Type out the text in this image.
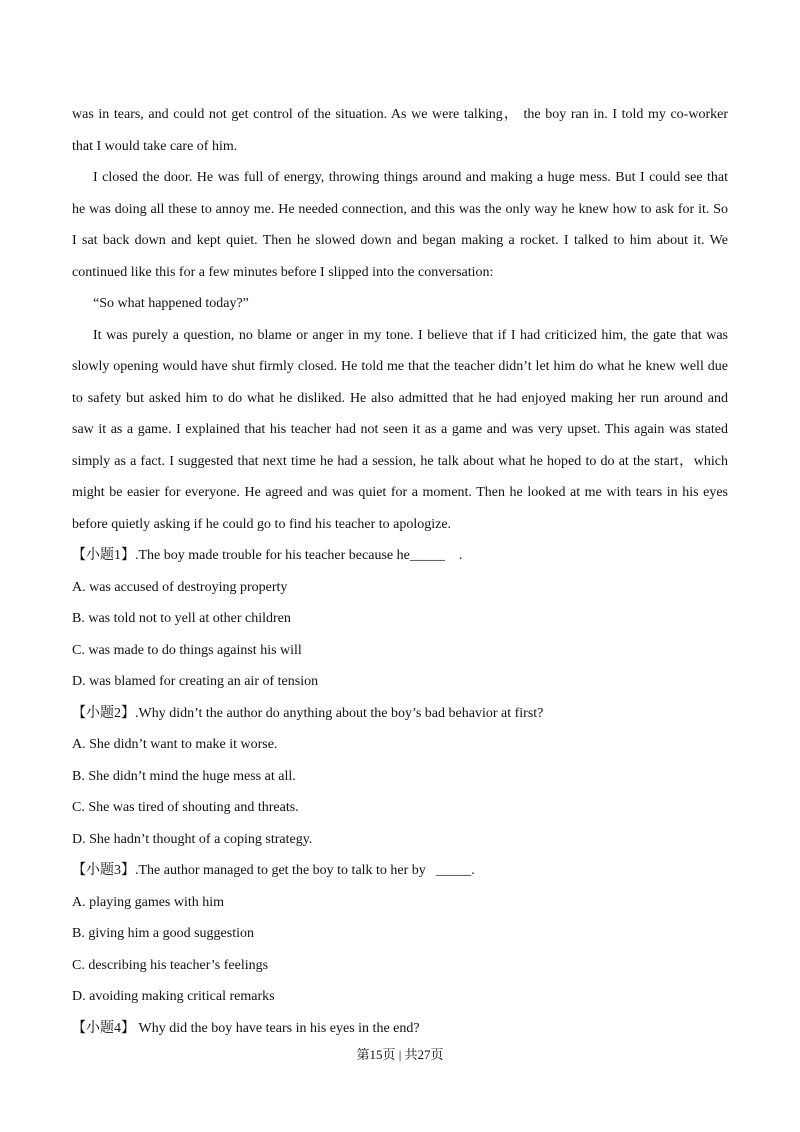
was in tears, and could not get control of the situation. As we were talking， the boy ran in. I told my co-worker
that I would take care of him.
I closed the door. He was full of energy, throwing things around and making a huge mess. But I could see that
he was doing all these to annoy me. He needed connection, and this was the only way he knew how to ask for it. So
I sat back down and kept quiet. Then he slowed down and began making a rocket. I talked to him about it. We
continued like this for a few minutes before I slipped into the conversation:
“So what happened today?”
It was purely a question, no blame or anger in my tone. I believe that if I had criticized him, the gate that was
slowly opening would have shut firmly closed. He told me that the teacher didn’t let him do what he knew well due
to safety but asked him to do what he disliked. He also admitted that he had enjoyed making her run around and
saw it as a game. I explained that his teacher had not seen it as a game and was very upset. This again was stated
simply as a fact. I suggested that next time he had a session, he talk about what he hoped to do at the start，which
might be easier for everyone. He agreed and was quiet for a moment. Then he looked at me with tears in his eyes
before quietly asking if he could go to find his teacher to apologize.
【小题1】.The boy made trouble for his teacher because he_____    .
A. was accused of destroying property
B. was told not to yell at other children
C. was made to do things against his will
D. was blamed for creating an air of tension
【小题2】.Why didn’t the author do anything about the boy’s bad behavior at first?
A. She didn’t want to make it worse.
B. She didn’t mind the huge mess at all.
C. She was tired of shouting and threats.
D. She hadn’t thought of a coping strategy.
【小题3】.The author managed to get the boy to talk to her by   _____.
A. playing games with him
B. giving him a good suggestion
C. describing his teacher’s feelings
D. avoiding making critical remarks
【小题4】 Why did the boy have tears in his eyes in the end?
第15页 | 共27页
